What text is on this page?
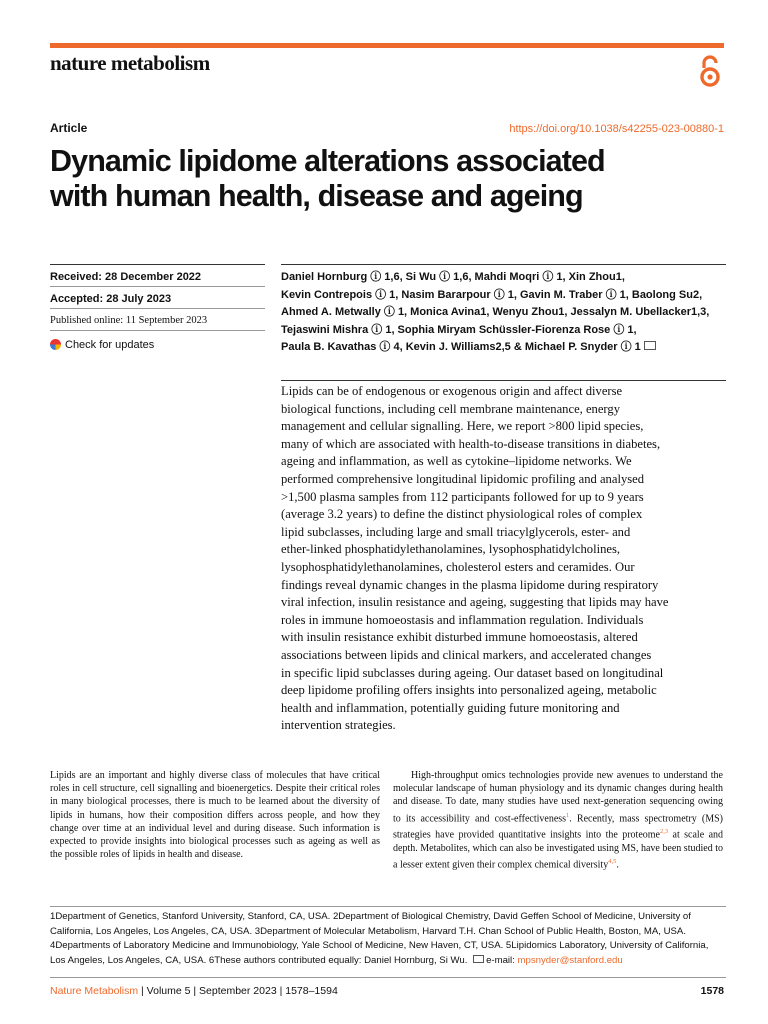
nature metabolism
Article	https://doi.org/10.1038/s42255-023-00880-1
Dynamic lipidome alterations associated
with human health, disease and ageing
Received: 28 December 2022
Accepted: 28 July 2023
Published online: 11 September 2023
Check for updates
Daniel Hornburg ⓘ 1,6, Si Wu ⓘ 1,6, Mahdi Moqri ⓘ 1, Xin Zhou1,
Kevin Contrepois ⓘ 1, Nasim Bararpour ⓘ 1, Gavin M. Traber ⓘ 1, Baolong Su2,
Ahmed A. Metwally ⓘ 1, Monica Avina1, Wenyu Zhou1, Jessalyn M. Ubellacker1,3,
Tejaswini Mishra ⓘ 1, Sophia Miryam Schüssler-Fiorenza Rose ⓘ 1,
Paula B. Kavathas ⓘ 4, Kevin J. Williams2,5 & Michael P. Snyder ⓘ 1
Lipids can be of endogenous or exogenous origin and affect diverse
biological functions, including cell membrane maintenance, energy
management and cellular signalling. Here, we report >800 lipid species,
many of which are associated with health-to-disease transitions in diabetes,
ageing and inflammation, as well as cytokine–lipidome networks. We
performed comprehensive longitudinal lipidomic profiling and analysed
>1,500 plasma samples from 112 participants followed for up to 9 years
(average 3.2 years) to define the distinct physiological roles of complex
lipid subclasses, including large and small triacylglycerols, ester- and
ether-linked phosphatidylethanolamines, lysophosphatidylcholines,
lysophosphatidylethanolamines, cholesterol esters and ceramides. Our
findings reveal dynamic changes in the plasma lipidome during respiratory
viral infection, insulin resistance and ageing, suggesting that lipids may have
roles in immune homoeostasis and inflammation regulation. Individuals
with insulin resistance exhibit disturbed immune homoeostasis, altered
associations between lipids and clinical markers, and accelerated changes
in specific lipid subclasses during ageing. Our dataset based on longitudinal
deep lipidome profiling offers insights into personalized ageing, metabolic
health and inflammation, potentially guiding future monitoring and
intervention strategies.

Lipids are an important and highly diverse class of molecules that have critical roles in cell structure, cell signalling and bioenergetics. Despite their critical roles in many biological processes, there is much to be learned about the diversity of lipids in humans, how their composition differs across people, and how they change over time at an individual level and during disease. Such information is expected to provide insights into biological processes such as ageing as well as the possible roles of lipids in health and disease.

High-throughput omics technologies provide new avenues to understand the molecular landscape of human physiology and its dynamic changes during health and disease. To date, many studies have used next-generation sequencing owing to its accessibility and cost-effectiveness$^1$. Recently, mass spectrometry (MS) strategies have provided quantitative insights into the proteome$^{2,3}$ at scale and depth. Metabolites, which can also be investigated using MS, have been studied to a lesser extent given their complex chemical diversity$^{4,5}$.

1Department of Genetics, Stanford University, Stanford, CA, USA. 2Department of Biological Chemistry, David Geffen School of Medicine, University of California, Los Angeles, Los Angeles, CA, USA. 3Department of Molecular Metabolism, Harvard T.H. Chan School of Public Health, Boston, MA, USA. 4Departments of Laboratory Medicine and Immunobiology, Yale School of Medicine, New Haven, CT, USA. 5Lipidomics Laboratory, University of California, Los Angeles, Los Angeles, CA, USA. 6These authors contributed equally: Daniel Hornburg, Si Wu. e-mail: mpsnyder@stanford.edu
Nature Metabolism | Volume 5 | September 2023 | 1578–1594	1578
